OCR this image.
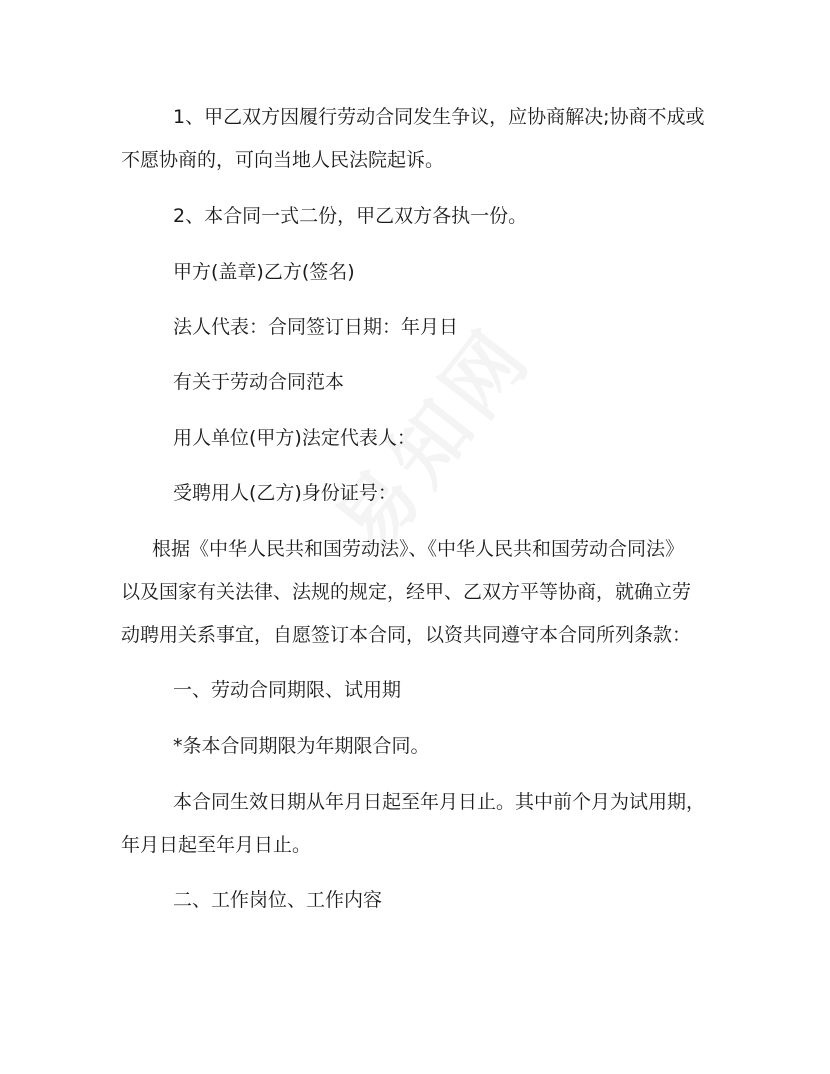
1、甲乙双方因履行劳动合同发生争议，应协商解决;协商不成或

不愿协商的，可向当地人民法院起诉。

2、本合同一式二份，甲乙双方各执一份。

甲方(盖章)乙方(签名)

法人代表：合同签订日期：年月日

有关于劳动合同范本

用人单位(甲方)法定代表人：

受聘用人(乙方)身份证号：

根据《中华人民共和国劳动法》、《中华人民共和国劳动合同法》

以及国家有关法律、法规的规定，经甲、乙双方平等协商，就确立劳

动聘用关系事宜，自愿签订本合同，以资共同遵守本合同所列条款：

一、劳动合同期限、试用期

*条本合同期限为年期限合同。

本合同生效日期从年月日起至年月日止。其中前个月为试用期，

年月日起至年月日止。

二、工作岗位、工作内容
